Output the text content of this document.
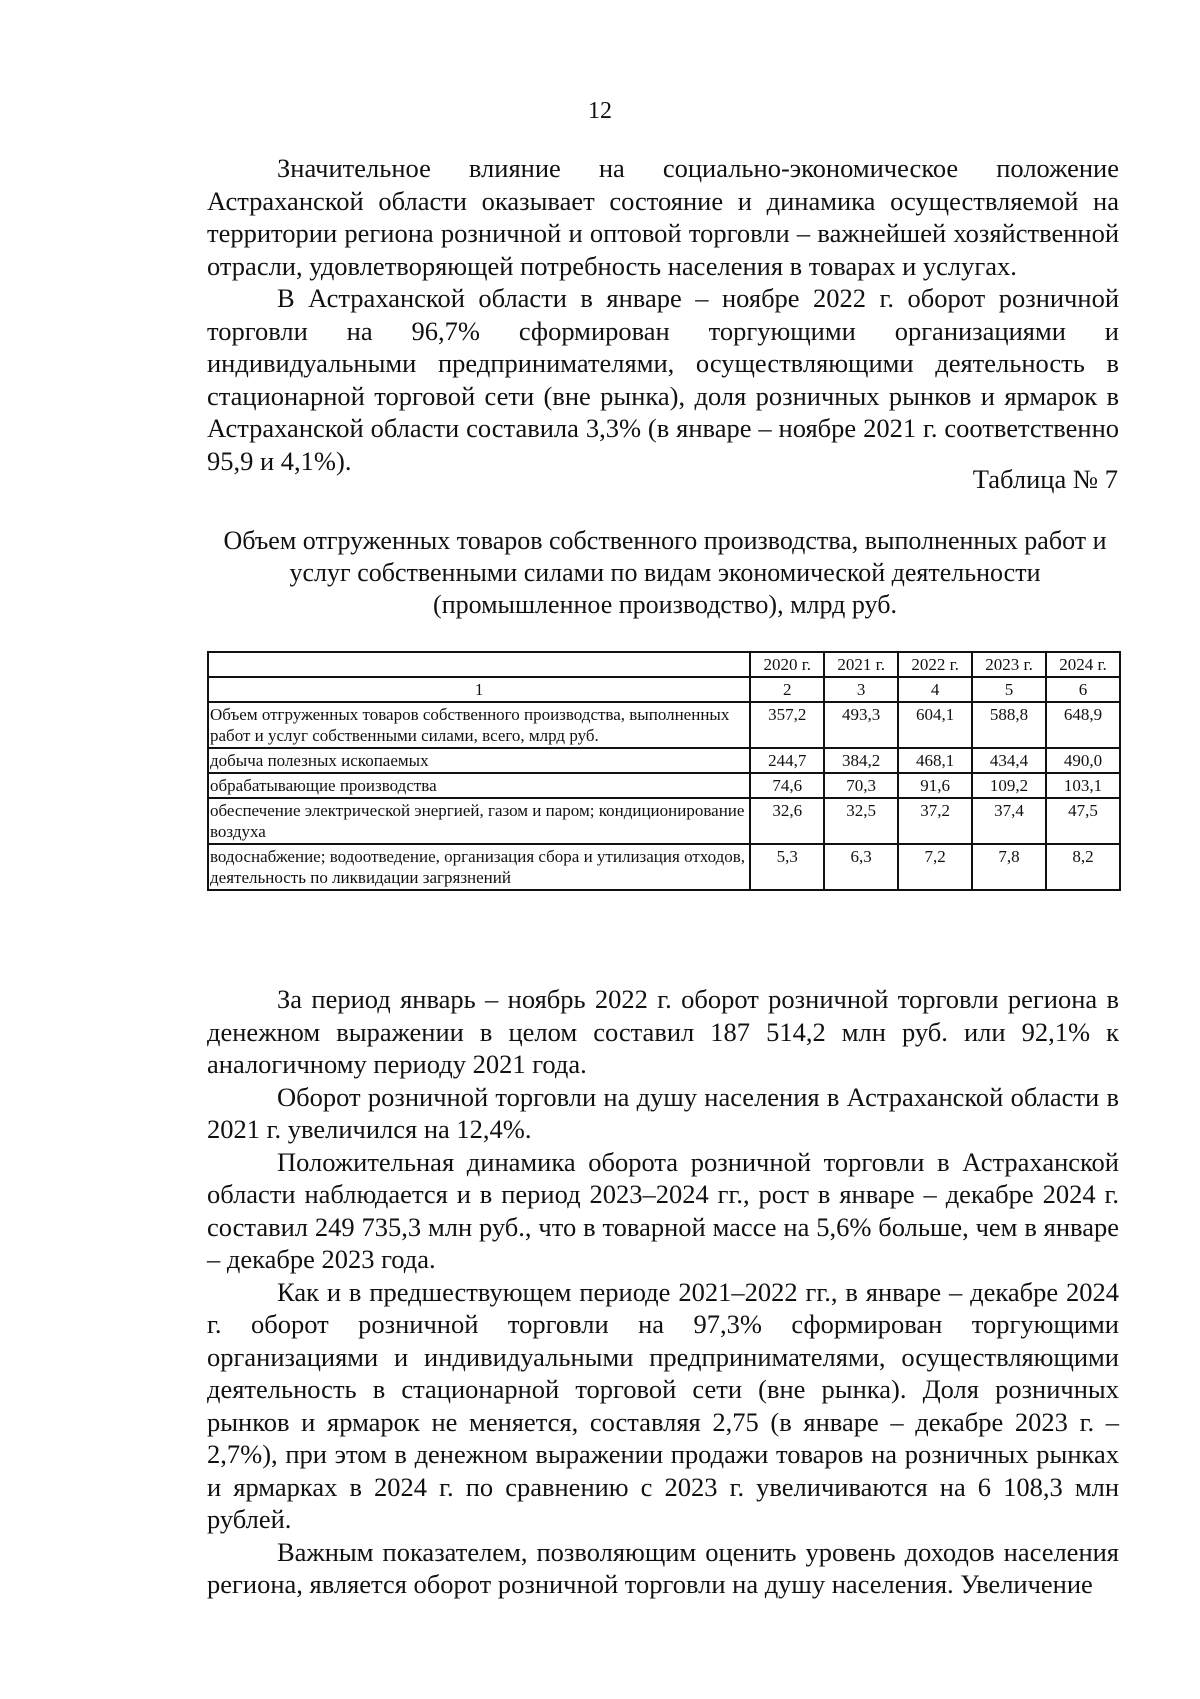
12

Значительное влияние на социально-экономическое положение Астраханской области оказывает состояние и динамика осуществляемой на территории региона розничной и оптовой торговли – важнейшей хозяйственной отрасли, удовлетворяющей потребность населения в товарах и услугах.

В Астраханской области в январе – ноябре 2022 г. оборот розничной торговли на 96,7% сформирован торгующими организациями и индивидуальными предпринимателями, осуществляющими деятельность в стационарной торговой сети (вне рынка), доля розничных рынков и ярмарок в Астраханской области составила 3,3% (в январе – ноябре 2021 г. соответственно 95,9 и 4,1%).

Таблица № 7
Объем отгруженных товаров собственного производства, выполненных работ и услуг собственными силами по видам экономической деятельности (промышленное производство), млрд руб.
	2020 г.	2021 г.	2022 г.	2023 г.	2024 г.
1	2	3	4	5	6
Объем отгруженных товаров собственного производства, выполненных работ и услуг собственными силами, всего, млрд руб.	357,2	493,3	604,1	588,8	648,9
добыча полезных ископаемых	244,7	384,2	468,1	434,4	490,0
обрабатывающие производства	74,6	70,3	91,6	109,2	103,1
обеспечение электрической энергией, газом и паром; кондиционирование воздуха	32,6	32,5	37,2	37,4	47,5
водоснабжение; водоотведение, организация сбора и утилизация отходов, деятельность по ликвидации загрязнений	5,3	6,3	7,2	7,8	8,2

За период январь – ноябрь 2022 г. оборот розничной торговли региона в денежном выражении в целом составил 187 514,2 млн руб. или 92,1% к аналогичному периоду 2021 года.

Оборот розничной торговли на душу населения в Астраханской области в 2021 г. увеличился на 12,4%.

Положительная динамика оборота розничной торговли в Астраханской области наблюдается и в период 2023–2024 гг., рост в январе – декабре 2024 г. составил 249 735,3 млн руб., что в товарной массе на 5,6% больше, чем в январе – декабре 2023 года.

Как и в предшествующем периоде 2021–2022 гг., в январе – декабре 2024 г. оборот розничной торговли на 97,3% сформирован торгующими организациями и индивидуальными предпринимателями, осуществляющими деятельность в стационарной торговой сети (вне рынка). Доля розничных рынков и ярмарок не меняется, составляя 2,75 (в январе – декабре 2023 г. – 2,7%), при этом в денежном выражении продажи товаров на розничных рынках и ярмарках в 2024 г. по сравнению с 2023 г. увеличиваются на 6 108,3 млн рублей.

Важным показателем, позволяющим оценить уровень доходов населения региона, является оборот розничной торговли на душу населения. Увеличение
